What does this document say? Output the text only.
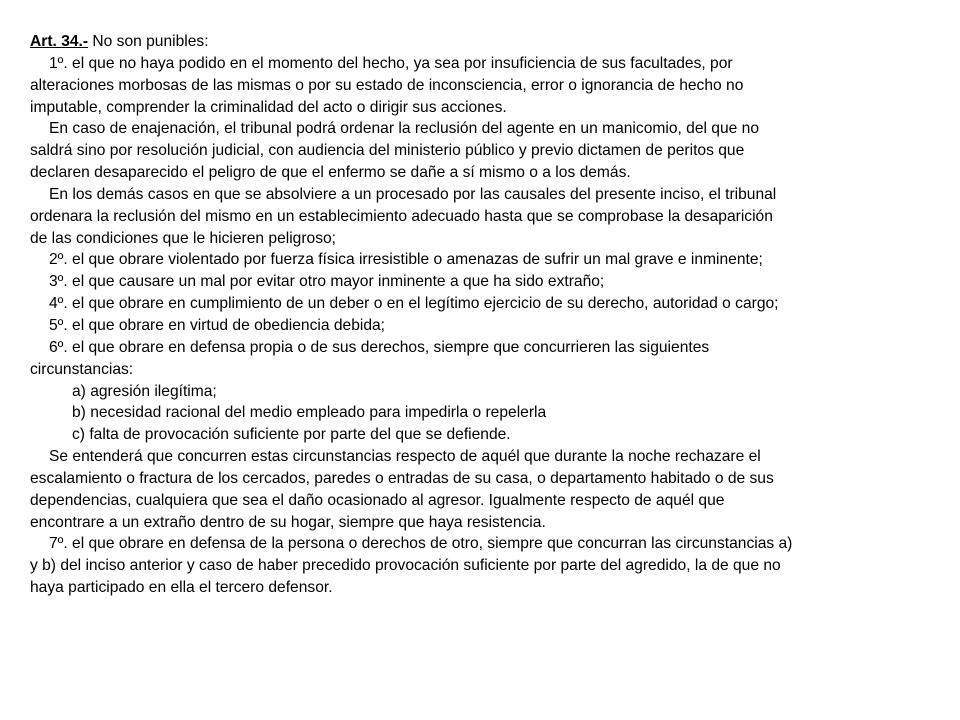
Art. 34.- No son punibles:
1º. el que no haya podido en el momento del hecho, ya sea por insuficiencia de sus facultades, por
alteraciones morbosas de las mismas o por su estado de inconsciencia, error o ignorancia de hecho no
imputable, comprender la criminalidad del acto o dirigir sus acciones.
En caso de enajenación, el tribunal podrá ordenar la reclusión del agente en un manicomio, del que no
saldrá sino por resolución judicial, con audiencia del ministerio público y previo dictamen de peritos que
declaren desaparecido el peligro de que el enfermo se dañe a sí mismo o a los demás.
En los demás casos en que se absolviere a un procesado por las causales del presente inciso, el tribunal
ordenara la reclusión del mismo en un establecimiento adecuado hasta que se comprobase la desaparición
de las condiciones que le hicieren peligroso;
2º. el que obrare violentado por fuerza física irresistible o amenazas de sufrir un mal grave e inminente;
3º. el que causare un mal por evitar otro mayor inminente a que ha sido extraño;
4º. el que obrare en cumplimiento de un deber o en el legítimo ejercicio de su derecho, autoridad o cargo;
5º. el que obrare en virtud de obediencia debida;
6º. el que obrare en defensa propia o de sus derechos, siempre que concurrieren las siguientes
circunstancias:
a) agresión ilegítima;
b) necesidad racional del medio empleado para impedirla o repelerla
c) falta de provocación suficiente por parte del que se defiende.
Se entenderá que concurren estas circunstancias respecto de aquél que durante la noche rechazare el
escalamiento o fractura de los cercados, paredes o entradas de su casa, o departamento habitado o de sus
dependencias, cualquiera que sea el daño ocasionado al agresor. Igualmente respecto de aquél que
encontrare a un extraño dentro de su hogar, siempre que haya resistencia.
7º. el que obrare en defensa de la persona o derechos de otro, siempre que concurran las circunstancias a)
y b) del inciso anterior y caso de haber precedido provocación suficiente por parte del agredido, la de que no
haya participado en ella el tercero defensor.
